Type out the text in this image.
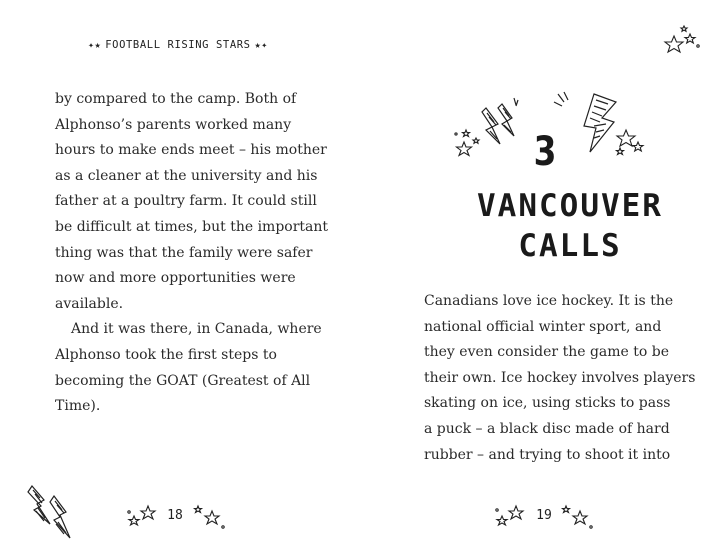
✦★ FOOTBALL RISING STARS ★✦
by compared to the camp. Both of
Alphonso’s parents worked many
hours to make ends meet – his mother
as a cleaner at the university and his
father at a poultry farm. It could still
be difficult at times, but the important
thing was that the family were safer
now and more opportunities were
available.
And it was there, in Canada, where
Alphonso took the first steps to
becoming the GOAT (Greatest of All
Time).
18
3
VANCOUVER
CALLS
Canadians love ice hockey. It is the
national official winter sport, and
they even consider the game to be
their own. Ice hockey involves players
skating on ice, using sticks to pass
a puck – a black disc made of hard
rubber – and trying to shoot it into
19
